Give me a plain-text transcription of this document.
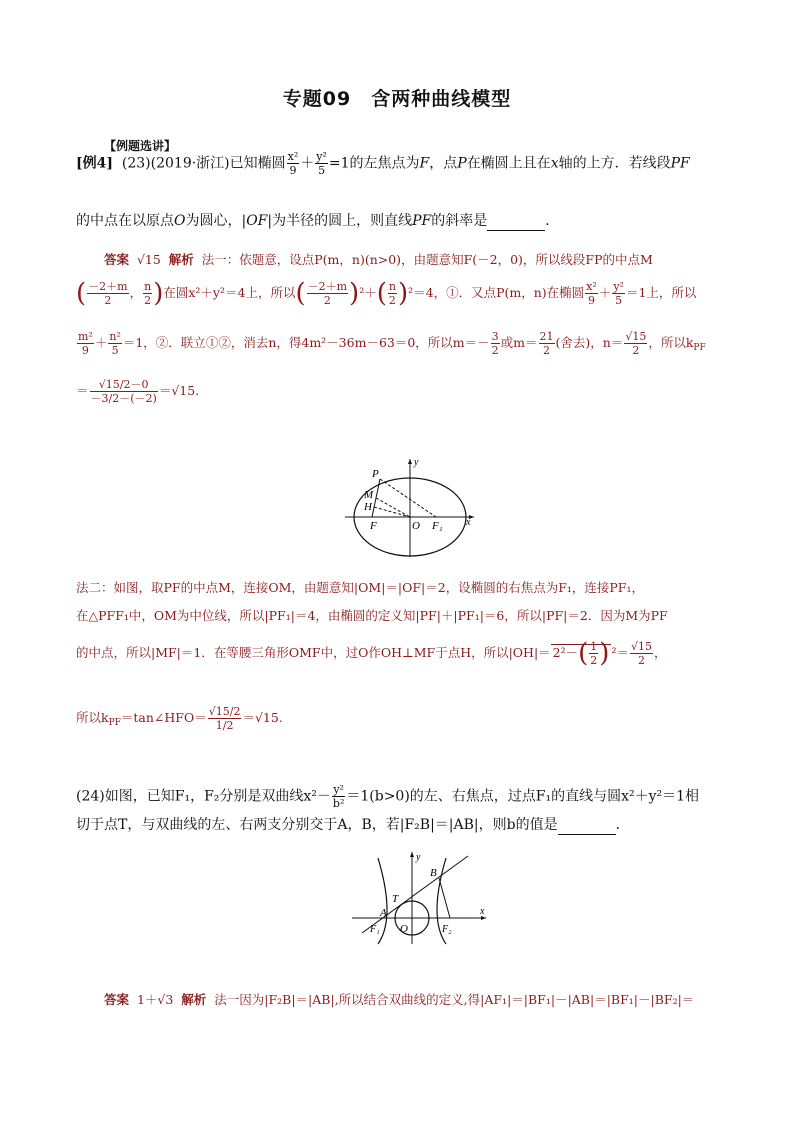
专题09　含两种曲线模型
【例题选讲】
[例4] (23)(2019·浙江)已知椭圆 $\frac{\text{x²}}{9} + \frac{\text{y²}}{5} =1$的左焦点为F，点P在椭圆上且在x轴的上方．若线段PF
的中点在以原点O为圆心，|OF|为半径的圆上，则直线PF的斜率是	．
答案 √15 解析 法一：依题意，设点P(m，n)(n>0)，由题意知F(－2，0)，所以线段FP的中点M
( $\frac{-2+m}{2}$ ， $\frac{n}{2}$ )在圆x²＋y²＝4上，所以( $\frac{-2+m}{2} )^2+( \frac{n}{2} )^2=4$，①．又点P(m，n)在椭圆 $\frac{\text{x²}}{9} + \frac{\text{y²}}{5} =1$上，所以
$\frac{\text{m²}}{9} + \frac{\text{n²}}{5} =1$，②．联立①②，消去n，得4m²－36m－63＝0，所以$m=- \frac{3}{2}$ 或$m= \frac{21}{2}$ (舍去)，$n= \frac{√15}{2}$ ，所以$k_{PF}$
＝ $\frac{√15/2-0}{-3/2-(-2)} =√15$.
P
M
H
F	O F₁ x
y
法二：如图，取PF的中点M，连接OM，由题意知|OM|＝|OF|＝2，设椭圆的右焦点为F₁，连接PF₁，
在△PFF₁中，OM为中位线，所以|PF₁|＝4，由椭圆的定义知|PF|＋|PF₁|＝6，所以|PF|＝2．因为M为PF
的中点，所以|MF|＝1．在等腰三角形OMF中，过O作OH⊥MF于点H，所以$|OH|= 2^2-( \frac{1}{2}$ ) $^2= \frac{√15}{2}$ ，
所以$k_{PF}=\tan\angle HFO= \frac{√15/2}{1/2} =√15$.
(24)如图，已知F₁，F₂分别是双曲线$x^2- \frac{\text{y²}}{\text{b²}} =1(b>0)$的左、右焦点，过点F₁的直线与圆x²＋y²＝1相
切于点T，与双曲线的左、右两支分别交于A，B，若|F₂B|＝|AB|，则b的值是	．
B
T
A
F₁ O	F₂
x
y
答案 1＋√3 解析 法一因为|F₂B|＝|AB|,所以结合双曲线的定义,得|AF₁|＝|BF₁|－|AB|＝|BF₁|－|BF₂|＝
